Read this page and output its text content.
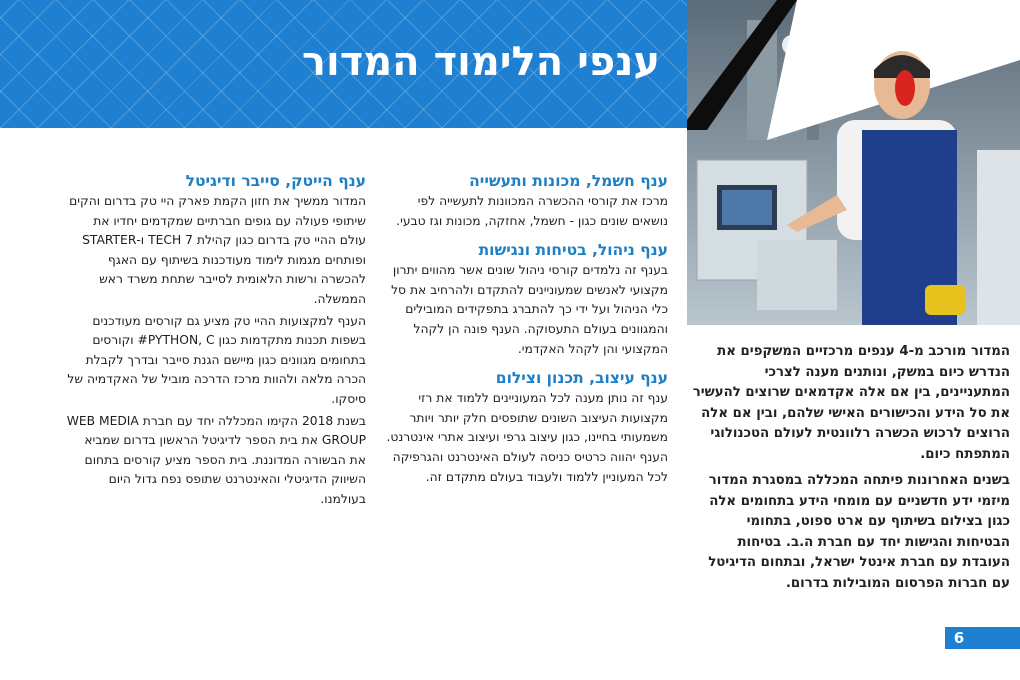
ענפי הלימוד המדור
ענף הייטק, סייבר ודיגיטל

המדור ממשיך את חזון הקמת פארק היי טק בדרום והקים שיתופי פעולה עם גופים חברתיים שמקדמים יחדיו את עולם ההיי טק בדרום כגון קהילת 7 TECH ו-STARTER ופותחים מגמות לימוד מעודכנות בשיתוף עם האגף להכשרה ורשות הלאומית לסייבר שתחת משרד ראש הממשלה.

הענף למקצועות ההיי טק מציע גם קורסים מעודכנים בשפות תכנות מתקדמות כגון PYTHON, C# וקורסים בתחומים מגוונים כגון מיישם הגנת סייבר ובדרך לקבלת הכרה מלאה ולהוות מרכז הדרכה מוביל של האקדמיה של סיסקו.

בשנת 2018 הקימו המכללה יחד עם חברת WEB MEDIA GROUP את בית הספר לדיגיטל הראשון בדרום שמביא את הבשורה המדוננת. בית הספר מציע קורסים בתחום השיווק הדיגיטלי והאינטרנט שתופס נפח גדול היום בעולמנו.

ענף חשמל, מכונות ותעשייה

מרכז את קורסי ההכשרה המכוונות לתעשייה לפי נושאים שונים כגון - חשמל, אחזקה, מכונות וגז טבעי.

ענף ניהול, בטיחות ונגישות

בענף זה נלמדים קורסי ניהול שונים אשר מהווים יתרון מקצועי לאנשים שמעוניינים להתקדם ולהרחיב את סל כלי הניהול ועל ידי כך להתברג בתפקידים המובילים והמגוונים בעולם התעסוקה. הענף פונה הן לקהל המקצועי והן לקהל האקדמי.

ענף עיצוב, תכנון וצילום

ענף זה נותן מענה לכל המעוניינים ללמוד את רזי מקצועות העיצוב השונים שתופסים חלק יותר ויותר משמעותי בחיינו, כגון עיצוב גרפי ועיצוב אתרי אינטרנט. הענף יהווה כרטיס כניסה לעולם האינטרנט והגרפיקה לכל המעוניין ללמוד ולעבוד בעולם מתקדם זה.

המדור מורכב מ-4 ענפים מרכזיים המשקפים את הנדרש כיום במשק, ונותנים מענה לצרכי המתעניינים, בין אם אלה אקדמאים שרוצים להעשיר את סל הידע והכישורים האישי שלהם, ובין אם אלה הרוצים לרכוש הכשרה רלוונטית לעולם הטכנולוגי המתפתח כיום.

בשנים האחרונות פיתחה המכללה במסגרת המדור מיזמי ידע חדשניים עם מומחי הידע בתחומים אלה כגון בצילום בשיתוף עם ארט ספוט, בתחומי הבטיחות והגישות יחד עם חברת ה.ב. בטיחות העובדת עם חברת אינטל ישראל, ובתחום הדיגיטל עם חברות הפרסום המובילות בדרום.

6
